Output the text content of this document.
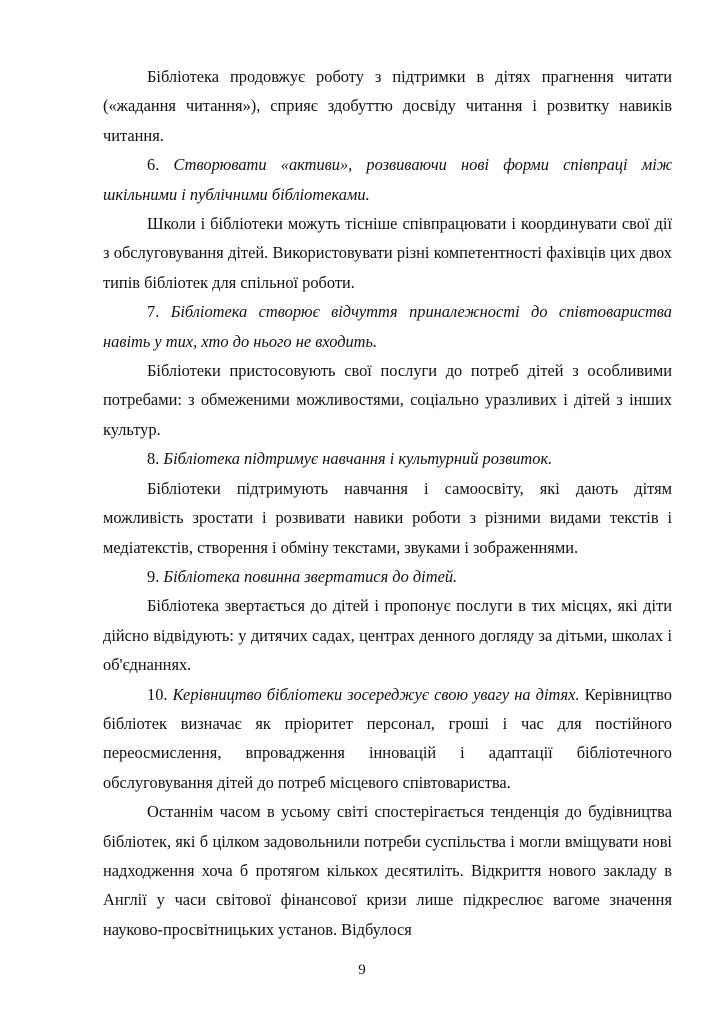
Бібліотека продовжує роботу з підтримки в дітях прагнення читати («жадання читання»), сприяє здобуттю досвіду читання і розвитку навиків читання.

6. Створювати «активи», розвиваючи нові форми співпраці між шкільними і публічними бібліотеками.

Школи і бібліотеки можуть тісніше співпрацювати і координувати свої дії з обслуговування дітей. Використовувати різні компетентності фахівців цих двох типів бібліотек для спільної роботи.

7. Бібліотека створює відчуття приналежності до співтовариства навіть у тих, хто до нього не входить.

Бібліотеки пристосовують свої послуги до потреб дітей з особливими потребами: з обмеженими можливостями, соціально уразливих і дітей з інших культур.

8. Бібліотека підтримує навчання і культурний розвиток.

Бібліотеки підтримують навчання і самоосвіту, які дають дітям можливість зростати і розвивати навики роботи з різними видами текстів і медіатекстів, створення і обміну текстами, звуками і зображеннями.

9. Бібліотека повинна звертатися до дітей.

Бібліотека звертається до дітей і пропонує послуги в тих місцях, які діти дійсно відвідують: у дитячих садах, центрах денного догляду за дітьми, школах і об'єднаннях.

10. Керівництво бібліотеки зосереджує свою увагу на дітях. Керівництво бібліотек визначає як пріоритет персонал, гроші і час для постійного переосмислення, впровадження інновацій і адаптації бібліотечного обслуговування дітей до потреб місцевого співтовариства.

Останнім часом в усьому світі спостерігається тенденція до будівництва бібліотек, які б цілком задовольнили потреби суспільства і могли вміщувати нові надходження хоча б протягом кількох десятиліть. Відкриття нового закладу в Англії у часи світової фінансової кризи лише підкреслює вагоме значення науково-просвітницьких установ. Відбулося

9
